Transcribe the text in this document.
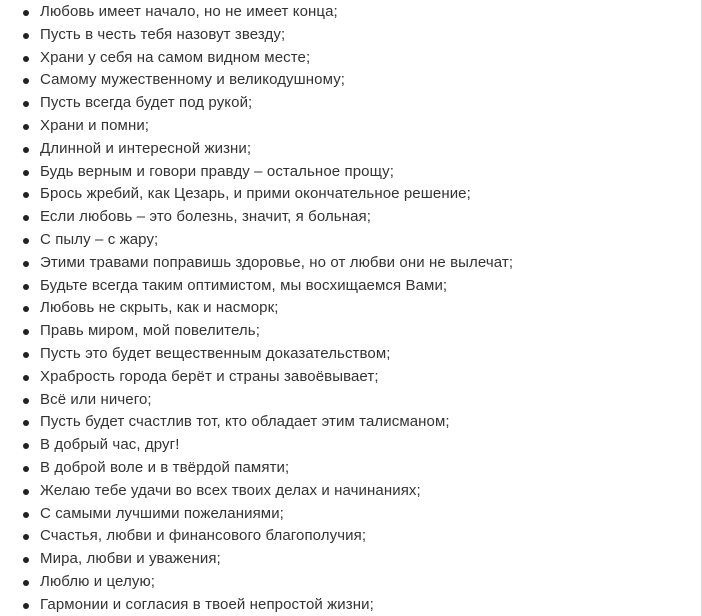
Любовь имеет начало, но не имеет конца;
Пусть в честь тебя назовут звезду;
Храни у себя на самом видном месте;
Самому мужественному и великодушному;
Пусть всегда будет под рукой;
Храни и помни;
Длинной и интересной жизни;
Будь верным и говори правду – остальное прощу;
Брось жребий, как Цезарь, и прими окончательное решение;
Если любовь – это болезнь, значит, я больная;
С пылу – с жару;
Этими травами поправишь здоровье, но от любви они не вылечат;
Будьте всегда таким оптимистом, мы восхищаемся Вами;
Любовь не скрыть, как и насморк;
Правь миром, мой повелитель;
Пусть это будет вещественным доказательством;
Храбрость города берёт и страны завоёвывает;
Всё или ничего;
Пусть будет счастлив тот, кто обладает этим талисманом;
В добрый час, друг!
В доброй воле и в твёрдой памяти;
Желаю тебе удачи во всех твоих делах и начинаниях;
С самыми лучшими пожеланиями;
Счастья, любви и финансового благополучия;
Мира, любви и уважения;
Люблю и целую;
Гармонии и согласия в твоей непростой жизни;
